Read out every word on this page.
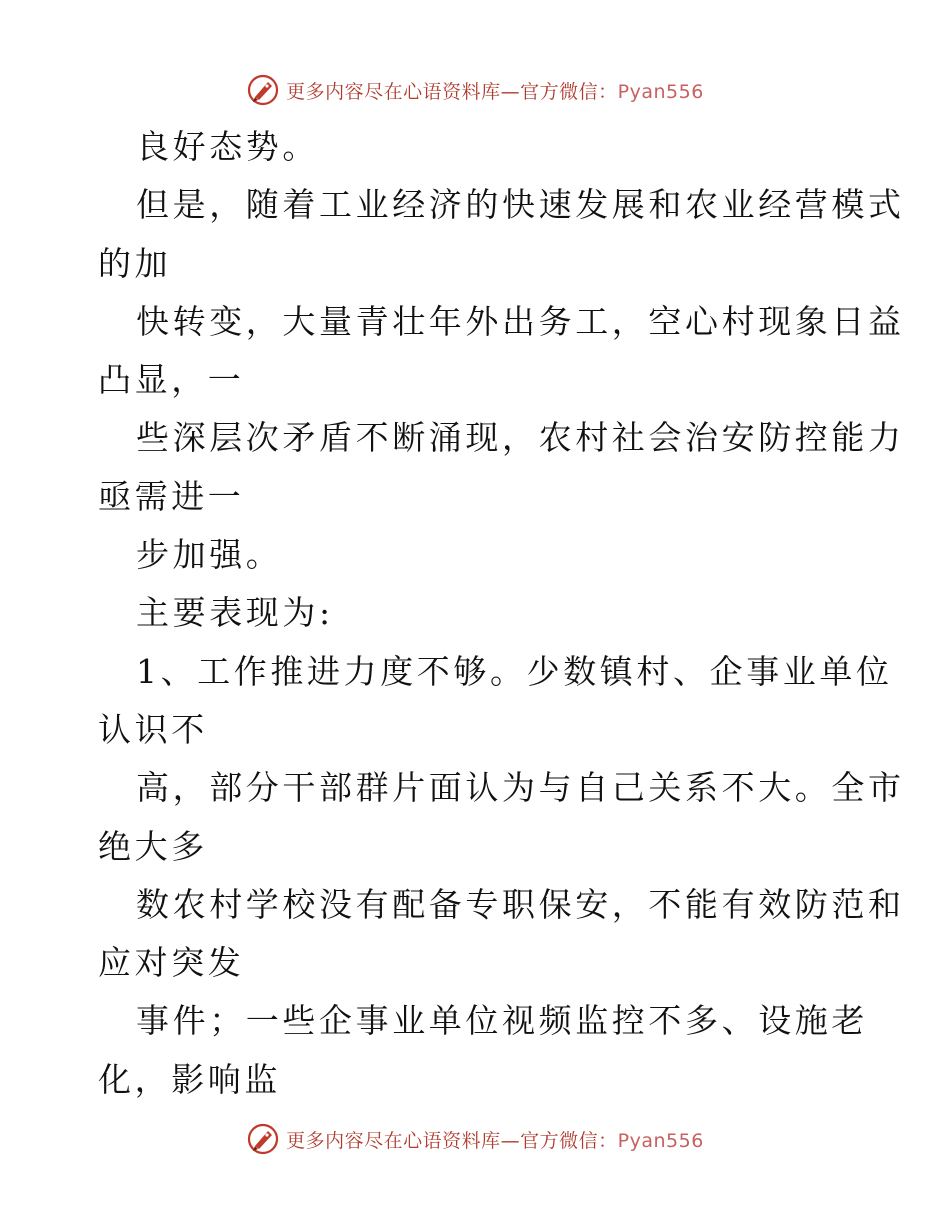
更多内容尽在心语资料库—官方微信：Pyan556
良好态势。
但是，随着工业经济的快速发展和农业经营模式
的加
快转变，大量青壮年外出务工，空心村现象日益
凸显，一
些深层次矛盾不断涌现，农村社会治安防控能力
亟需进一
步加强。
主要表现为:
1、工作推进力度不够。少数镇村、企事业单位
认识不
高，部分干部群片面认为与自己关系不大。全市
绝大多
数农村学校没有配备专职保安，不能有效防范和
应对突发
事件；一些企事业单位视频监控不多、设施老
化，影响监
更多内容尽在心语资料库—官方微信：Pyan556
